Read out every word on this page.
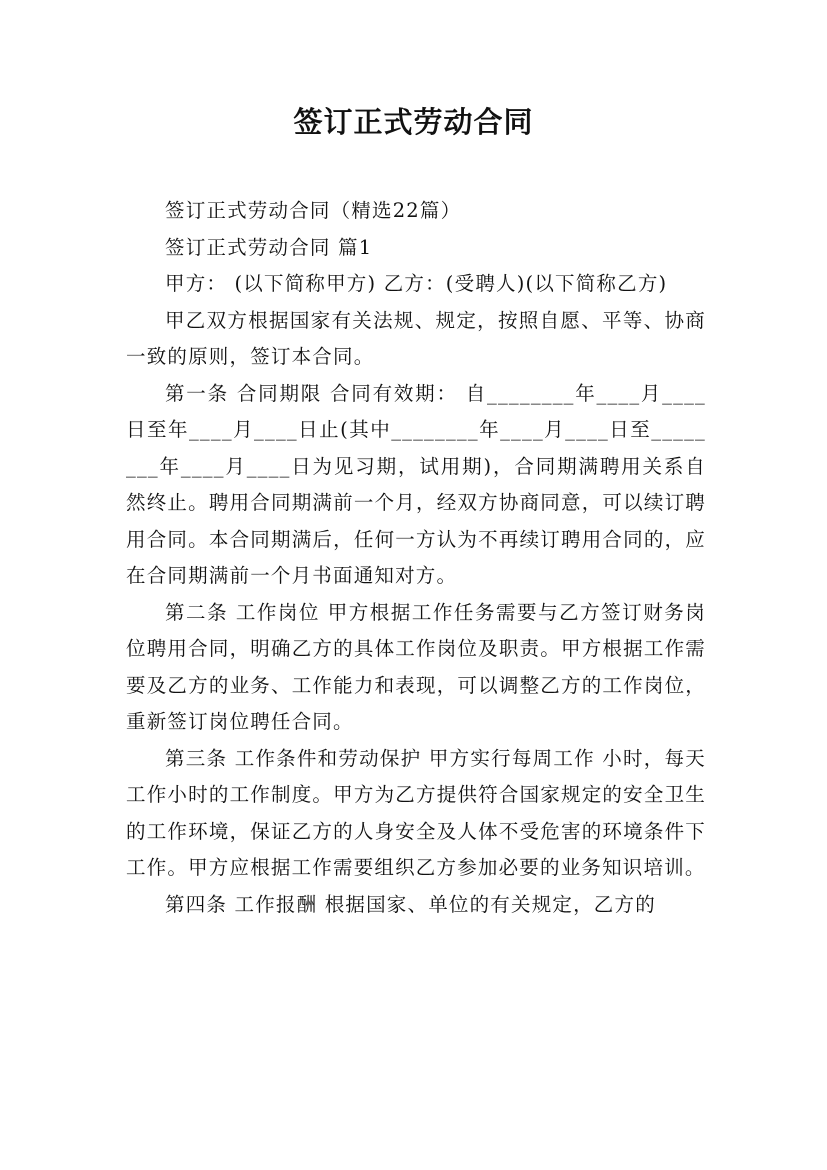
签订正式劳动合同

签订正式劳动合同（精选22篇）

签订正式劳动合同 篇1

甲方： (以下简称甲方) 乙方：(受聘人)(以下简称乙方)

甲乙双方根据国家有关法规、规定，按照自愿、平等、协商一致的原则，签订本合同。

第一条 合同期限 合同有效期： 自________年____月____日至年____月____日止(其中________年____月____日至________年____月____日为见习期，试用期)，合同期满聘用关系自然终止。聘用合同期满前一个月，经双方协商同意，可以续订聘用合同。本合同期满后，任何一方认为不再续订聘用合同的，应在合同期满前一个月书面通知对方。

第二条 工作岗位 甲方根据工作任务需要与乙方签订财务岗位聘用合同，明确乙方的具体工作岗位及职责。甲方根据工作需要及乙方的业务、工作能力和表现，可以调整乙方的工作岗位，重新签订岗位聘任合同。

第三条 工作条件和劳动保护 甲方实行每周工作 小时，每天工作小时的工作制度。甲方为乙方提供符合国家规定的安全卫生的工作环境，保证乙方的人身安全及人体不受危害的环境条件下工作。甲方应根据工作需要组织乙方参加必要的业务知识培训。

第四条 工作报酬 根据国家、单位的有关规定，乙方的
